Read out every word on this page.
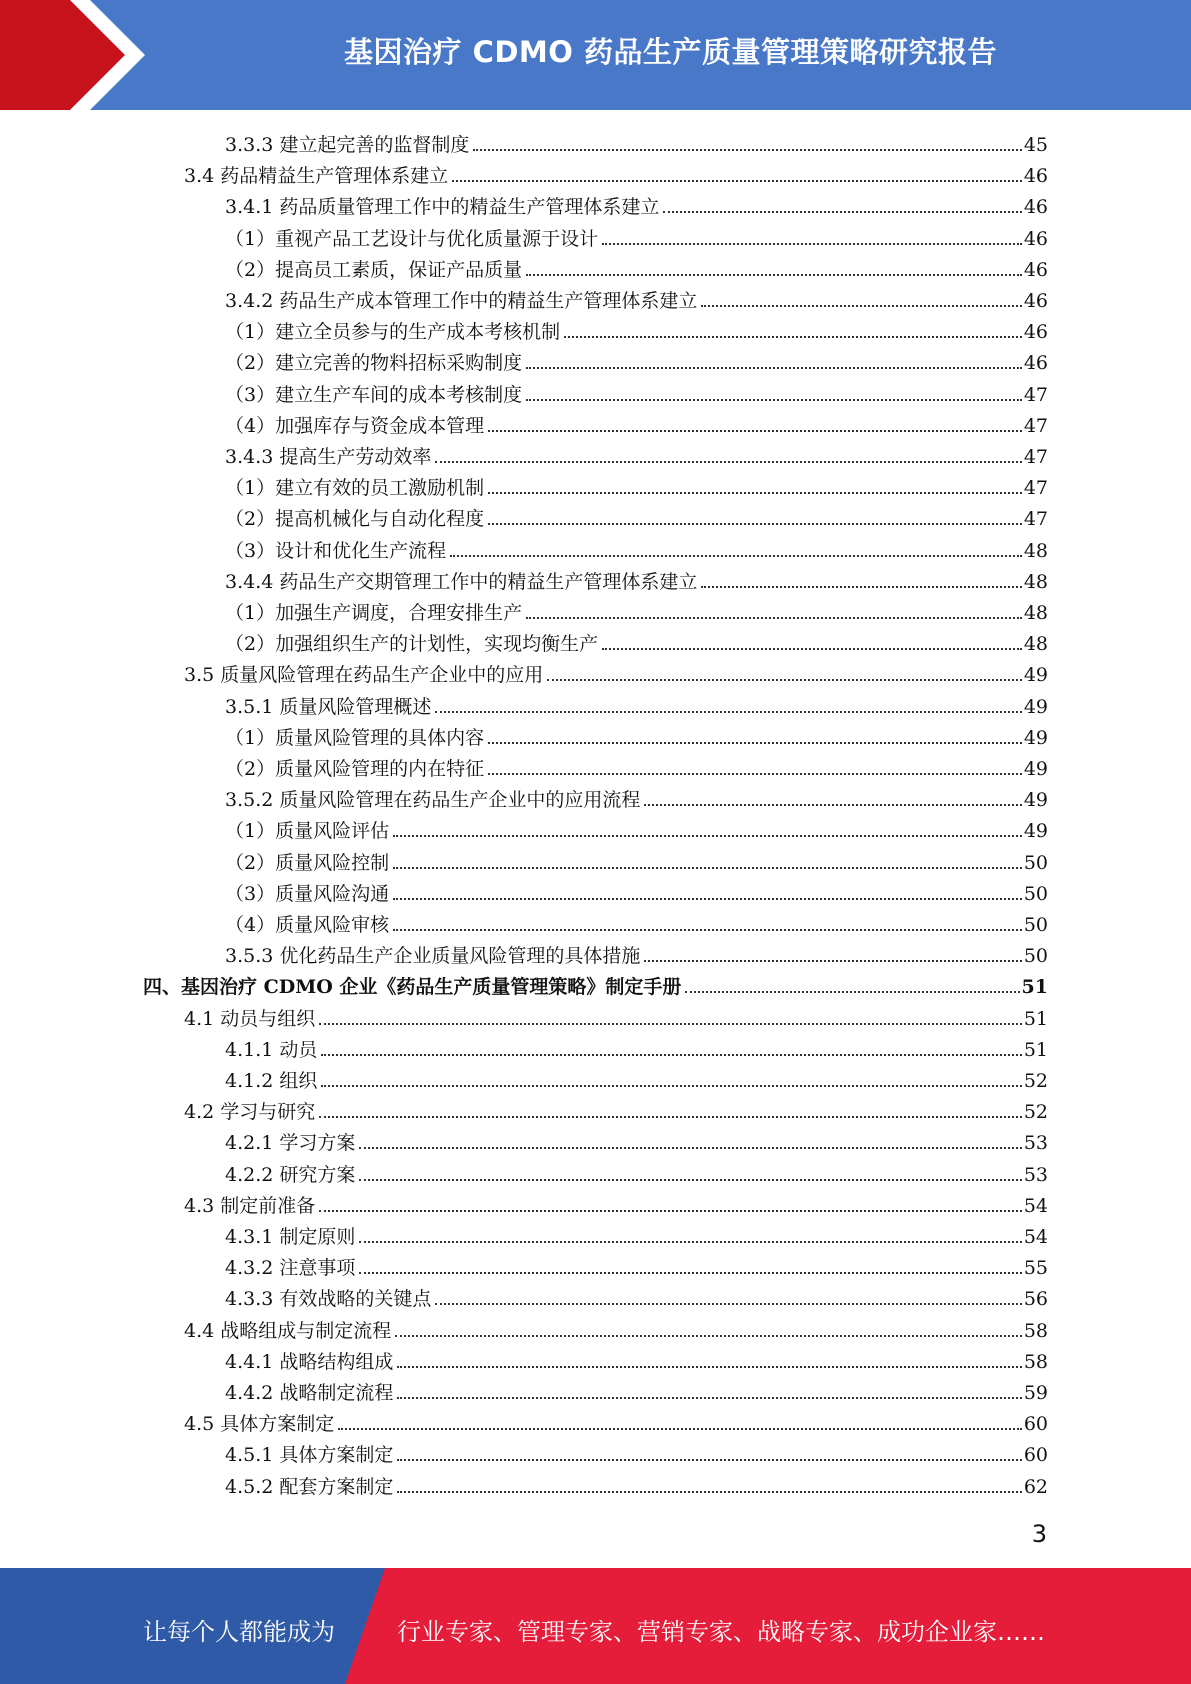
基因治疗 CDMO 药品生产质量管理策略研究报告
3.3.3 建立起完善的监督制度	45
3.4 药品精益生产管理体系建立	46
3.4.1 药品质量管理工作中的精益生产管理体系建立	46
（1）重视产品工艺设计与优化质量源于设计	46
（2）提高员工素质，保证产品质量	46
3.4.2 药品生产成本管理工作中的精益生产管理体系建立	46
（1）建立全员参与的生产成本考核机制	46
（2）建立完善的物料招标采购制度	46
（3）建立生产车间的成本考核制度	47
（4）加强库存与资金成本管理	47
3.4.3 提高生产劳动效率	47
（1）建立有效的员工激励机制	47
（2）提高机械化与自动化程度	47
（3）设计和优化生产流程	48
3.4.4 药品生产交期管理工作中的精益生产管理体系建立	48
（1）加强生产调度，合理安排生产	48
（2）加强组织生产的计划性，实现均衡生产	48
3.5 质量风险管理在药品生产企业中的应用	49
3.5.1 质量风险管理概述	49
（1）质量风险管理的具体内容	49
（2）质量风险管理的内在特征	49
3.5.2 质量风险管理在药品生产企业中的应用流程	49
（1）质量风险评估	49
（2）质量风险控制	50
（3）质量风险沟通	50
（4）质量风险审核	50
3.5.3 优化药品生产企业质量风险管理的具体措施	50
四、基因治疗 CDMO 企业《药品生产质量管理策略》制定手册	51
4.1 动员与组织	51
4.1.1 动员	51
4.1.2 组织	52
4.2 学习与研究	52
4.2.1 学习方案	53
4.2.2 研究方案	53
4.3 制定前准备	54
4.3.1 制定原则	54
4.3.2 注意事项	55
4.3.3 有效战略的关键点	56
4.4 战略组成与制定流程	58
4.4.1 战略结构组成	58
4.4.2 战略制定流程	59
4.5 具体方案制定	60
4.5.1 具体方案制定	60
4.5.2 配套方案制定	62
3
让每个人都能成为	行业专家、管理专家、营销专家、战略专家、成功企业家……
